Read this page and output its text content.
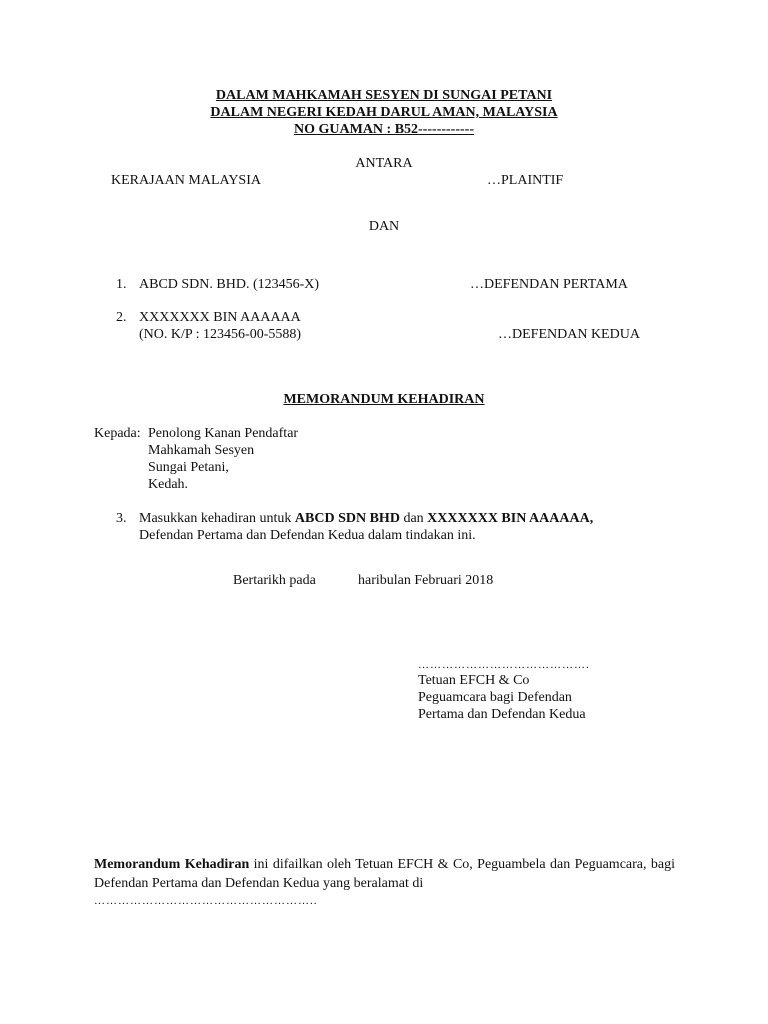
DALAM MAHKAMAH SESYEN DI SUNGAI PETANI
DALAM NEGERI KEDAH DARUL AMAN, MALAYSIA
NO GUAMAN : B52------------
ANTARA
KERAJAAN MALAYSIA	…PLAINTIF
DAN
1. ABCD SDN. BHD. (123456-X)	…DEFENDAN PERTAMA
2. XXXXXXX BIN AAAAAA
(NO. K/P : 123456-00-5588)	…DEFENDAN KEDUA
MEMORANDUM KEHADIRAN
Kepada: Penolong Kanan Pendaftar
Mahkamah Sesyen
Sungai Petani,
Kedah.
3. Masukkan kehadiran untuk ABCD SDN BHD dan XXXXXXX BIN AAAAAA,
Defendan Pertama dan Defendan Kedua dalam tindakan ini.
Bertarikh pada	haribulan Februari 2018
…………………………………….
Tetuan EFCH & Co
Peguamcara bagi Defendan
Pertama dan Defendan Kedua
Memorandum Kehadiran ini difailkan oleh Tetuan EFCH & Co, Peguambela dan Peguamcara, bagi Defendan Pertama dan Defendan Kedua yang beralamat di
………………………………………………..
